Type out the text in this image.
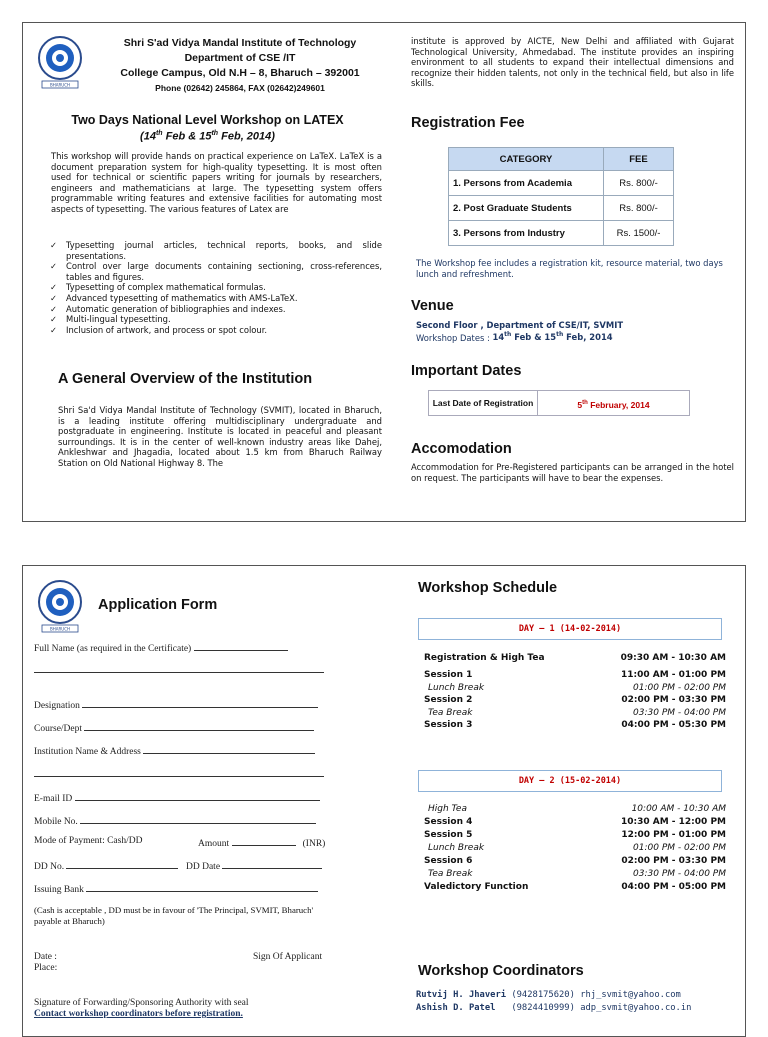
BHARUCH
Shri S'ad Vidya Mandal Institute of Technology
Department of CSE /IT
College Campus, Old N.H – 8, Bharuch – 392001
Phone (02642) 245864, FAX (02642)249601
Two Days National Level Workshop on LATEX
(14th Feb & 15th Feb, 2014)
This workshop will provide hands on practical experience on LaTeX. LaTeX is a document preparation system for high-quality typesetting. It is most often used for technical or scientific papers writing for journals by researchers, engineers and mathematicians at large. The typesetting system offers programmable writing features and extensive facilities for automating most aspects of typesetting. The various features of Latex are
✓ Typesetting journal articles, technical reports, books, and slide presentations.
✓ Control over large documents containing sectioning, cross-references, tables and figures.
✓ Typesetting of complex mathematical formulas.
✓ Advanced typesetting of mathematics with AMS-LaTeX.
✓ Automatic generation of bibliographies and indexes.
✓ Multi-lingual typesetting.
✓ Inclusion of artwork, and process or spot colour.
A General Overview of the Institution
Shri Sa'd Vidya Mandal Institute of Technology (SVMIT), located in Bharuch, is a leading institute offering multidisciplinary undergraduate and postgraduate in engineering. Institute is located in peaceful and pleasant surroundings. It is in the center of well-known industry areas like Dahej, Ankleshwar and Jhagadia, located about 1.5 km from Bharuch Railway Station on Old National Highway 8. The
institute is approved by AICTE, New Delhi and affiliated with Gujarat Technological University, Ahmedabad. The institute provides an inspiring environment to all students to expand their intellectual dimensions and recognize their hidden talents, not only in the technical field, but also in life skills.
Registration Fee
CATEGORY	FEE
1. Persons from Academia	Rs. 800/-
2. Post Graduate Students	Rs. 800/-
3. Persons from Industry	Rs. 1500/-
The Workshop fee includes a registration kit, resource material, two days lunch and refreshment.
Venue
Second Floor , Department of CSE/IT, SVMIT
Workshop Dates : 14th Feb & 15th Feb, 2014
Important Dates
Last Date of Registration	5th February, 2014
Accomodation
Accommodation for Pre-Registered participants can be arranged in the hotel on request. The participants will have to bear the expenses.
BHARUCH
Application Form
Full Name (as required in the Certificate)
Designation
Course/Dept
Institution Name & Address
E-mail ID
Mobile No.
Mode of Payment: Cash/DD	Amount	(INR)
DD No.	DD Date
Issuing Bank
(Cash is acceptable , DD must be in favour of 'The Principal, SVMIT, Bharuch' payable at Bharuch)
Date :
Place:
Sign Of Applicant
Signature of Forwarding/Sponsoring Authority with seal
Contact workshop coordinators before registration.
Workshop Schedule
DAY – 1 (14-02-2014)
Registration & High Tea	09:30 AM - 10:30 AM
Session 1	11:00 AM - 01:00 PM
Lunch Break	01:00 PM - 02:00 PM
Session 2	02:00 PM - 03:30 PM
Tea Break	03:30 PM - 04:00 PM
Session 3	04:00 PM - 05:30 PM
DAY – 2 (15-02-2014)
High Tea	10:00 AM - 10:30 AM
Session 4	10:30 AM - 12:00 PM
Session 5	12:00 PM - 01:00 PM
Lunch Break	01:00 PM - 02:00 PM
Session 6	02:00 PM - 03:30 PM
Tea Break	03:30 PM - 04:00 PM
Valedictory Function	04:00 PM - 05:00 PM
Workshop Coordinators
Rutvij H. Jhaveri (9428175620) rhj_svmit@yahoo.com
Ashish D. Patel (9824410999) adp_svmit@yahoo.co.in
